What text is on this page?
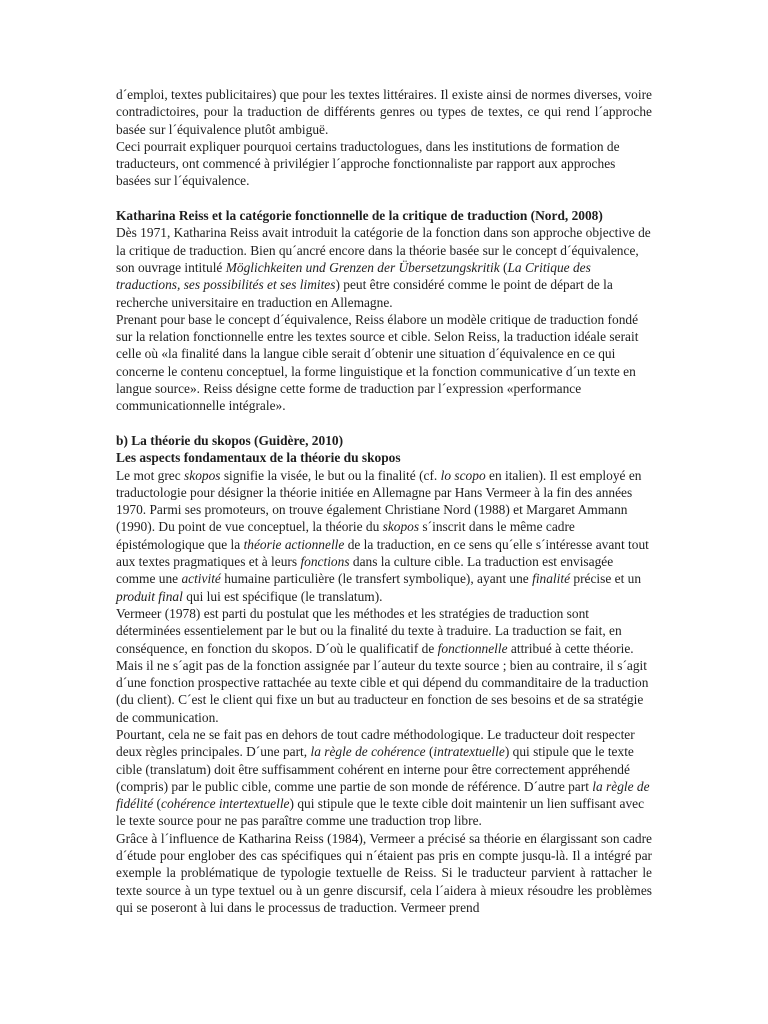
d´emploi, textes publicitaires) que pour les textes littéraires. Il existe ainsi de normes diverses, voire contradictoires, pour la traduction de différents genres ou types de textes, ce qui rend l´approche basée sur l´équivalence plutôt ambiguë.

Ceci pourrait expliquer pourquoi certains traductologues, dans les institutions de formation de traducteurs, ont commencé à privilégier l´approche fonctionnaliste par rapport aux approches basées sur l´équivalence.

Katharina Reiss et la catégorie fonctionnelle de la critique de traduction (Nord, 2008)

Dès 1971, Katharina Reiss avait introduit la catégorie de la fonction dans son approche objective de la critique de traduction. Bien qu´ancré encore dans la théorie basée sur le concept d´équivalence, son ouvrage intitulé Möglichkeiten und Grenzen der Übersetzungskritik (La Critique des traductions, ses possibilités et ses limites) peut être considéré comme le point de départ de la recherche universitaire en traduction en Allemagne.

Prenant pour base le concept d´équivalence, Reiss élabore un modèle critique de traduction fondé sur la relation fonctionnelle entre les textes source et cible. Selon Reiss, la traduction idéale serait celle où «la finalité dans la langue cible serait d´obtenir une situation d´équivalence en ce qui concerne le contenu conceptuel, la forme linguistique et la fonction communicative d´un texte en langue source». Reiss désigne cette forme de traduction par l´expression «performance communicationnelle intégrale».

b) La théorie du skopos (Guidère, 2010)

Les aspects fondamentaux de la théorie du skopos

Le mot grec skopos signifie la visée, le but ou la finalité (cf. lo scopo en italien). Il est employé en traductologie pour désigner la théorie initiée en Allemagne par Hans Vermeer à la fin des années 1970. Parmi ses promoteurs, on trouve également Christiane Nord (1988) et Margaret Ammann (1990). Du point de vue conceptuel, la théorie du skopos s´inscrit dans le même cadre épistémologique que la théorie actionnelle de la traduction, en ce sens qu´elle s´intéresse avant tout aux textes pragmatiques et à leurs fonctions dans la culture cible. La traduction est envisagée comme une activité humaine particulière (le transfert symbolique), ayant une finalité précise et un produit final qui lui est spécifique (le translatum).

Vermeer (1978) est parti du postulat que les méthodes et les stratégies de traduction sont déterminées essentielement par le but ou la finalité du texte à traduire. La traduction se fait, en conséquence, en fonction du skopos. D´où le qualificatif de fonctionnelle attribué à cette théorie. Mais il ne s´agit pas de la fonction assignée par l´auteur du texte source ; bien au contraire, il s´agit d´une fonction prospective rattachée au texte cible et qui dépend du commanditaire de la traduction (du client). C´est le client qui fixe un but au traducteur en fonction de ses besoins et de sa stratégie de communication.

Pourtant, cela ne se fait pas en dehors de tout cadre méthodologique. Le traducteur doit respecter deux règles principales. D´une part, la règle de cohérence (intratextuelle) qui stipule que le texte cible (translatum) doit être suffisamment cohérent en interne pour être correctement appréhendé (compris) par le public cible, comme une partie de son monde de référence. D´autre part la règle de fidélité (cohérence intertextuelle) qui stipule que le texte cible doit maintenir un lien suffisant avec le texte source pour ne pas paraître comme une traduction trop libre.

Grâce à l´influence de Katharina Reiss (1984), Vermeer a précisé sa théorie en élargissant son cadre d´étude pour englober des cas spécifiques qui n´étaient pas pris en compte jusqu-là. Il a intégré par exemple la problématique de typologie textuelle de Reiss. Si le traducteur parvient à rattacher le texte source à un type textuel ou à un genre discursif, cela l´aidera à mieux résoudre les problèmes qui se poseront à lui dans le processus de traduction. Vermeer prend
